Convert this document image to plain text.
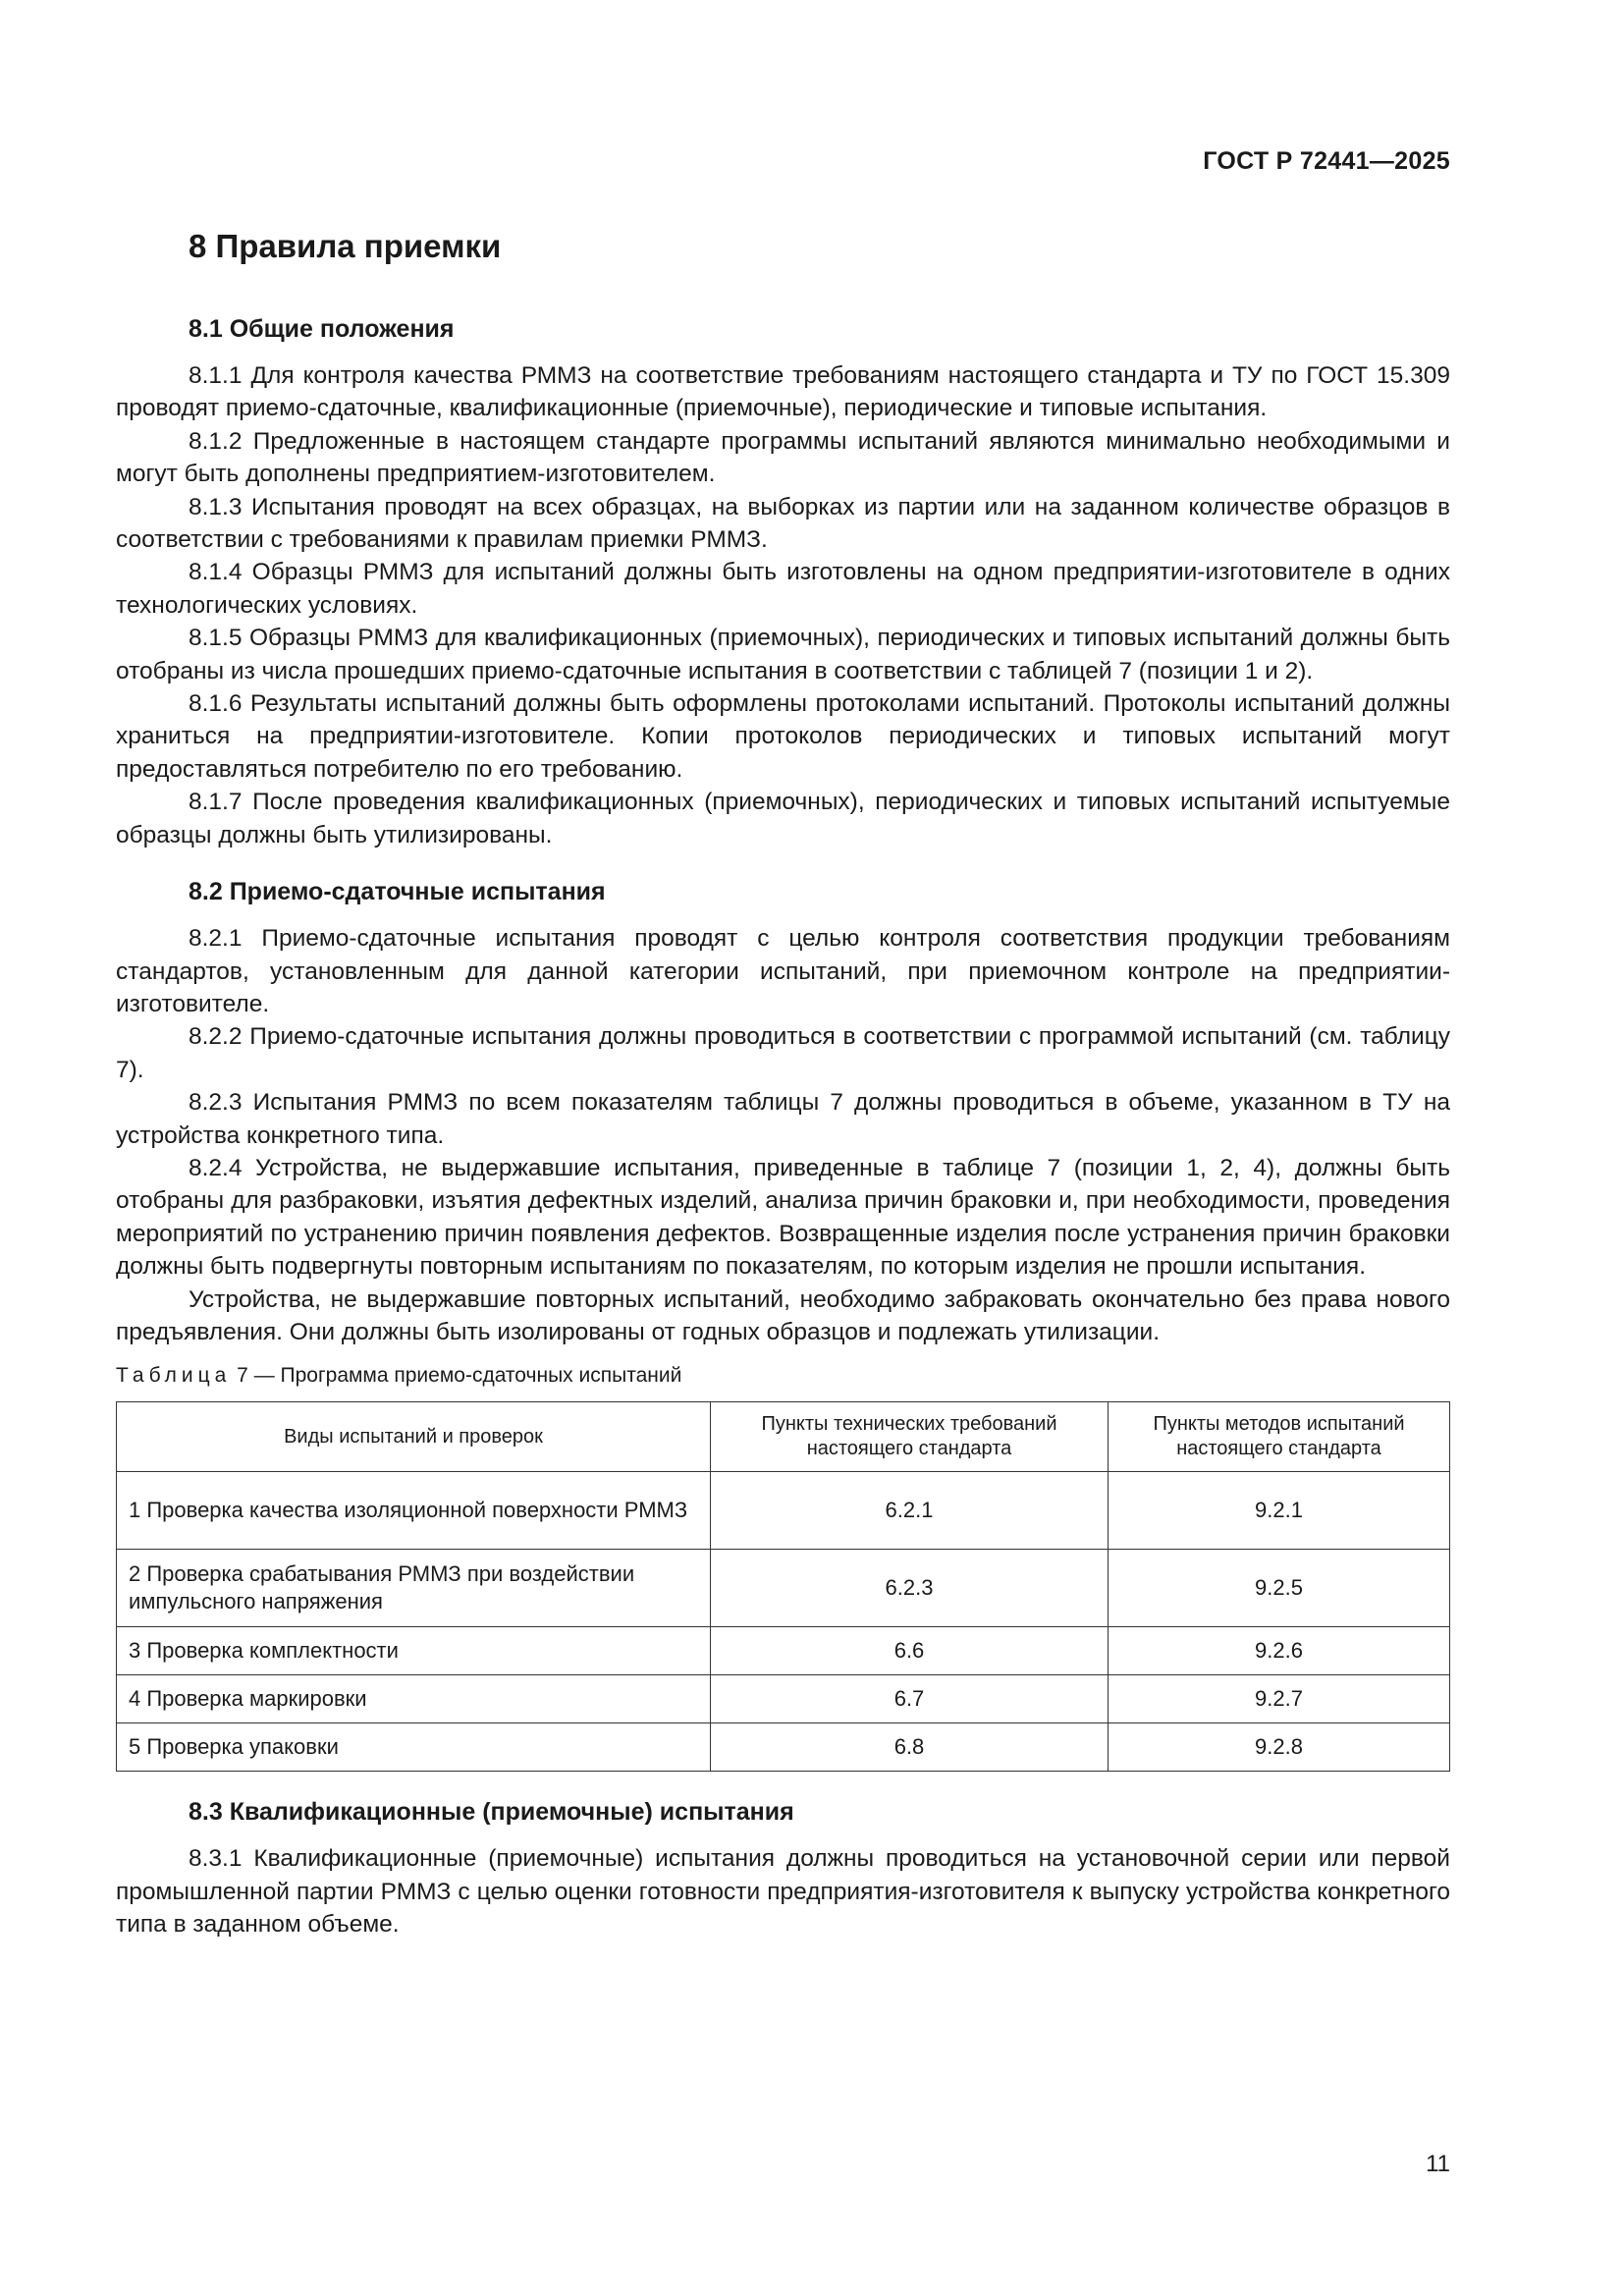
ГОСТ Р 72441—2025
8 Правила приемки
8.1 Общие положения

8.1.1 Для контроля качества РММЗ на соответствие требованиям настоящего стандарта и ТУ по ГОСТ 15.309 проводят приемо-сдаточные, квалификационные (приемочные), периодические и типовые испытания.

8.1.2 Предложенные в настоящем стандарте программы испытаний являются минимально необходимыми и могут быть дополнены предприятием-изготовителем.

8.1.3 Испытания проводят на всех образцах, на выборках из партии или на заданном количестве образцов в соответствии с требованиями к правилам приемки РММЗ.

8.1.4 Образцы РММЗ для испытаний должны быть изготовлены на одном предприятии-изготовителе в одних технологических условиях.

8.1.5 Образцы РММЗ для квалификационных (приемочных), периодических и типовых испытаний должны быть отобраны из числа прошедших приемо-сдаточные испытания в соответствии с таблицей 7 (позиции 1 и 2).

8.1.6 Результаты испытаний должны быть оформлены протоколами испытаний. Протоколы испытаний должны храниться на предприятии-изготовителе. Копии протоколов периодических и типовых испытаний могут предоставляться потребителю по его требованию.

8.1.7 После проведения квалификационных (приемочных), периодических и типовых испытаний испытуемые образцы должны быть утилизированы.

8.2 Приемо-сдаточные испытания

8.2.1 Приемо-сдаточные испытания проводят с целью контроля соответствия продукции требованиям стандартов, установленным для данной категории испытаний, при приемочном контроле на предприятии-изготовителе.

8.2.2 Приемо-сдаточные испытания должны проводиться в соответствии с программой испытаний (см. таблицу 7).

8.2.3 Испытания РММЗ по всем показателям таблицы 7 должны проводиться в объеме, указанном в ТУ на устройства конкретного типа.

8.2.4 Устройства, не выдержавшие испытания, приведенные в таблице 7 (позиции 1, 2, 4), должны быть отобраны для разбраковки, изъятия дефектных изделий, анализа причин браковки и, при необходимости, проведения мероприятий по устранению причин появления дефектов. Возвращенные изделия после устранения причин браковки должны быть подвергнуты повторным испытаниям по показателям, по которым изделия не прошли испытания.

Устройства, не выдержавшие повторных испытаний, необходимо забраковать окончательно без права нового предъявления. Они должны быть изолированы от годных образцов и подлежать утилизации.

Таблица 7 — Программа приемо-сдаточных испытаний
Виды испытаний и проверок	Пункты технических требований настоящего стандарта	Пункты методов испытаний настоящего стандарта
1 Проверка качества изоляционной поверхности РММЗ	6.2.1	9.2.1
2 Проверка срабатывания РММЗ при воздействии импульсного напряжения	6.2.3	9.2.5
3 Проверка комплектности	6.6	9.2.6
4 Проверка маркировки	6.7	9.2.7
5 Проверка упаковки	6.8	9.2.8
8.3 Квалификационные (приемочные) испытания

8.3.1 Квалификационные (приемочные) испытания должны проводиться на установочной серии или первой промышленной партии РММЗ с целью оценки готовности предприятия-изготовителя к выпуску устройства конкретного типа в заданном объеме.

11
